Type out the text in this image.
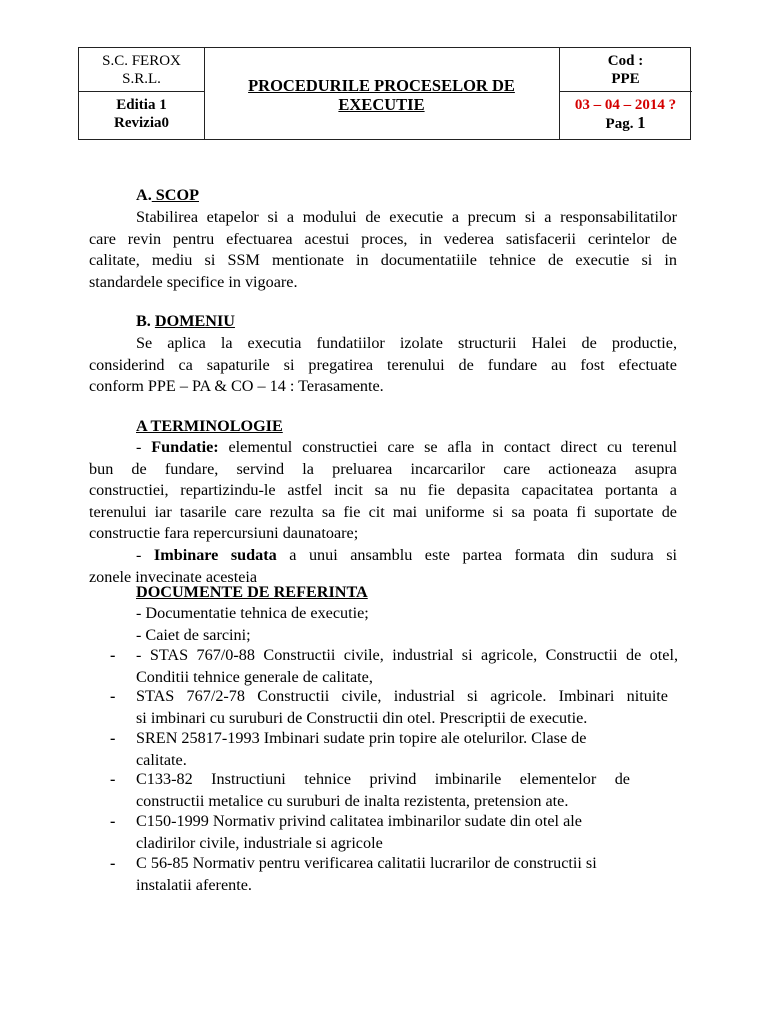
S.C. FEROX
S.R.L.
Editia 1
Revizia0
PROCEDURILE PROCESELOR DE
EXECUTIE
Cod :
PPE
03 – 04 – 2014 ?
Pag. 1
A. SCOP
Stabilirea etapelor si a modului de executie a precum si a responsabilitatilor
care revin pentru efectuarea acestui proces, in vederea satisfacerii cerintelor de
calitate, mediu si SSM mentionate in documentatiile tehnice de executie si in
standardele specifice in vigoare.
B. DOMENIU
Se aplica la executia fundatiilor izolate structurii Halei de productie,
considerind ca sapaturile si pregatirea terenului de fundare au fost efectuate
conform PPE – PA & CO – 14 : Terasamente.
A TERMINOLOGIE
- Fundatie: elementul constructiei care se afla in contact direct cu terenul
bun de fundare, servind la preluarea incarcarilor care actioneaza asupra
constructiei, repartizindu-le astfel incit sa nu fie depasita capacitatea portanta a
terenului iar tasarile care rezulta sa fie cit mai uniforme si sa poata fi suportate de
constructie fara repercursiuni daunatoare;
- Imbinare sudata a unui ansamblu este partea formata din sudura si
zonele invecinate acesteia
DOCUMENTE DE REFERINTA
- Documentatie tehnica de executie;
- Caiet de sarcini;
- - STAS 767/0-88 Constructii civile, industrial si agricole, Constructii de otel,
Conditii tehnice generale de calitate,
- STAS 767/2-78 Constructii civile, industrial si agricole. Imbinari nituite
si imbinari cu suruburi de Constructii din otel. Prescriptii de executie.
- SREN 25817-1993 Imbinari sudate prin topire ale otelurilor. Clase de
calitate.
- C133-82 Instructiuni tehnice privind imbinarile elementelor de
constructii metalice cu suruburi de inalta rezistenta, pretension ate.
- C150-1999 Normativ privind calitatea imbinarilor sudate din otel ale
cladirilor civile, industriale si agricole
- C 56-85 Normativ pentru verificarea calitatii lucrarilor de constructii si
instalatii aferente.
